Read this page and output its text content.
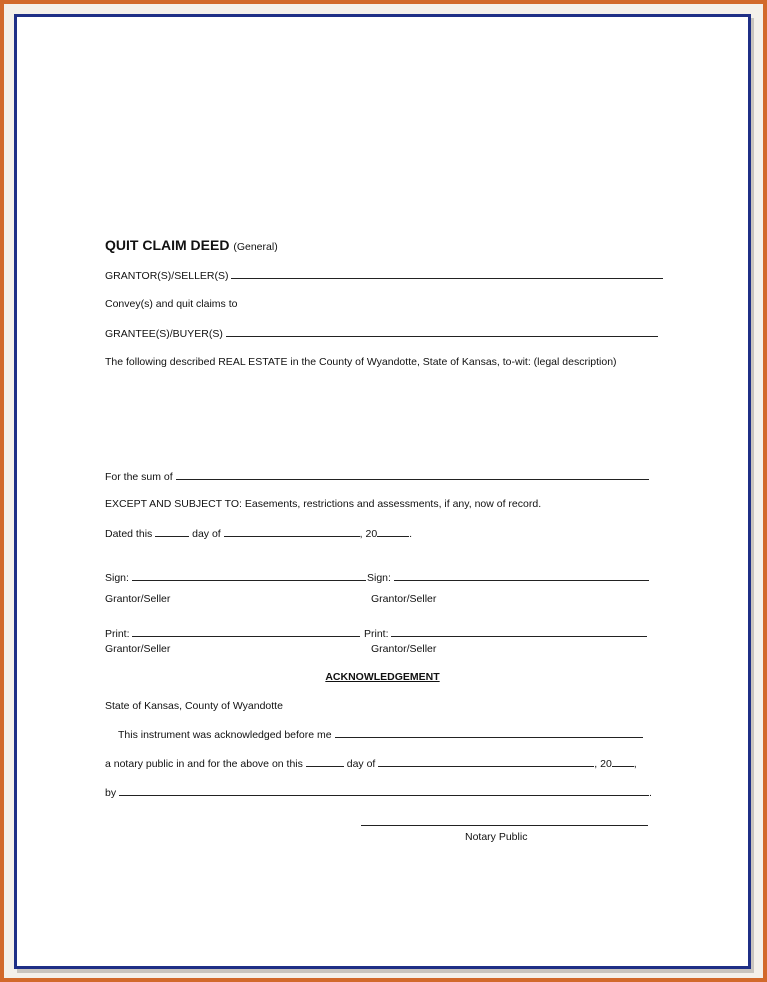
QUIT CLAIM DEED (General)
GRANTOR(S)/SELLER(S)
Convey(s) and quit claims to
GRANTEE(S)/BUYER(S)
The following described REAL ESTATE in the County of Wyandotte, State of Kansas, to-wit: (legal description)
For the sum of
EXCEPT AND SUBJECT TO: Easements, restrictions and assessments, if any, now of record.
Dated this	day of	, 20	.
Sign:	Sign:
Grantor/Seller	Grantor/Seller
Print:	Print:
Grantor/Seller	Grantor/Seller
ACKNOWLEDGEMENT
State of Kansas, County of Wyandotte
This instrument was acknowledged before me
a notary public in and for the above on this	day of	, 20 ,
by	.
Notary Public
